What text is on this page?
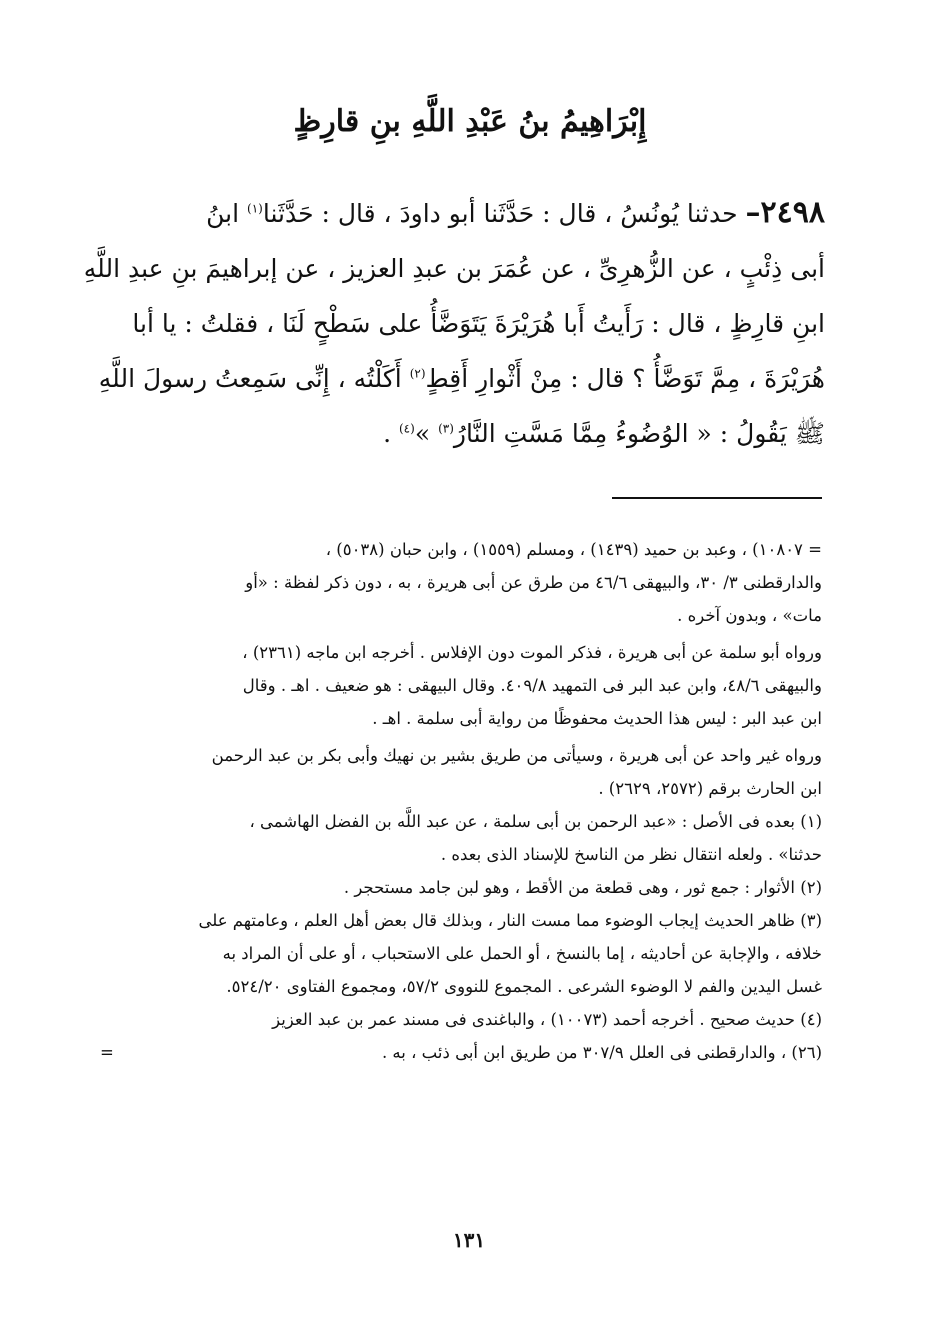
إِبْرَاهِيمُ بنُ عَبْدِ اللَّهِ بنِ قارِظٍ
٢٤٩٨– حدثنا يُونُسُ ، قال : حَدَّثَنا أبو داودَ ، قال : حَدَّثَنا$^{(١)}$ ابنُ
أبى ذِئْبٍ ، عن الزُّهرِىِّ ، عن عُمَرَ بن عبدِ العزيز ، عن إبراهيمَ بنِ عبدِ اللَّهِ
ابنِ قارِظٍ ، قال : رَأَيتُ أَبا هُرَيْرَةَ يَتَوَضَّأُ على سَطْحٍ لَنَا ، فقلتُ : يا أبا
هُرَيْرَةَ ، مِمَّ تَوَضَّأُ ؟ قال : مِنْ أَثْوارِ أَقِطٍ$^{(٢)}$ أَكَلْتُه ، إِنِّى سَمِعتُ رسولَ اللَّهِ
ﷺ يَقُولُ : « الوُضُوءُ مِمَّا مَسَّتِ النَّارُ$^{(٣)}$ »$^{(٤)}$ .
= ١٠٨٠٧) ، وعبد بن حميد (١٤٣٩) ، ومسلم (١٥٥٩) ، وابن حبان (٥٠٣٨) ،
والدارقطنى ٣/ ٣٠، والبيهقى ٤٦/٦ من طرق عن أبى هريرة ، به ، دون ذكر لفظة : «أو
مات» ، وبدون آخره .
ورواه أبو سلمة عن أبى هريرة ، فذكر الموت دون الإفلاس . أخرجه ابن ماجه (٢٣٦١) ،
والبيهقى ٤٨/٦، وابن عبد البر فى التمهيد ٤٠٩/٨. وقال البيهقى : هو ضعيف . اهـ . وقال
ابن عبد البر : ليس هذا الحديث محفوظًا من رواية أبى سلمة . اهـ .
ورواه غير واحد عن أبى هريرة ، وسيأتى من طريق بشير بن نهيك وأبى بكر بن عبد الرحمن
ابن الحارث برقم (٢٥٧٢، ٢٦٢٩) .
(١) بعده فى الأصل : «عبد الرحمن بن أبى سلمة ، عن عبد اللَّه بن الفضل الهاشمى ،
حدثنا» . ولعله انتقال نظر من الناسخ للإسناد الذى بعده .
(٢) الأثوار : جمع ثور ، وهى قطعة من الأقط ، وهو لبن جامد مستحجر .
(٣) ظاهر الحديث إيجاب الوضوء مما مست النار ، وبذلك قال بعض أهل العلم ، وعامتهم على
خلافه ، والإجابة عن أحاديثه ، إما بالنسخ ، أو الحمل على الاستحباب ، أو على أن المراد به
غسل اليدين والفم لا الوضوء الشرعى . المجموع للنووى ٥٧/٢، ومجموع الفتاوى ٥٢٤/٢٠.
(٤) حديث صحيح . أخرجه أحمد (١٠٠٧٣) ، والباغندى فى مسند عمر بن عبد العزيز
(٢٦) ، والدارقطنى فى العلل ٣٠٧/٩ من طريق ابن أبى ذئب ، به .
=
١٣١
